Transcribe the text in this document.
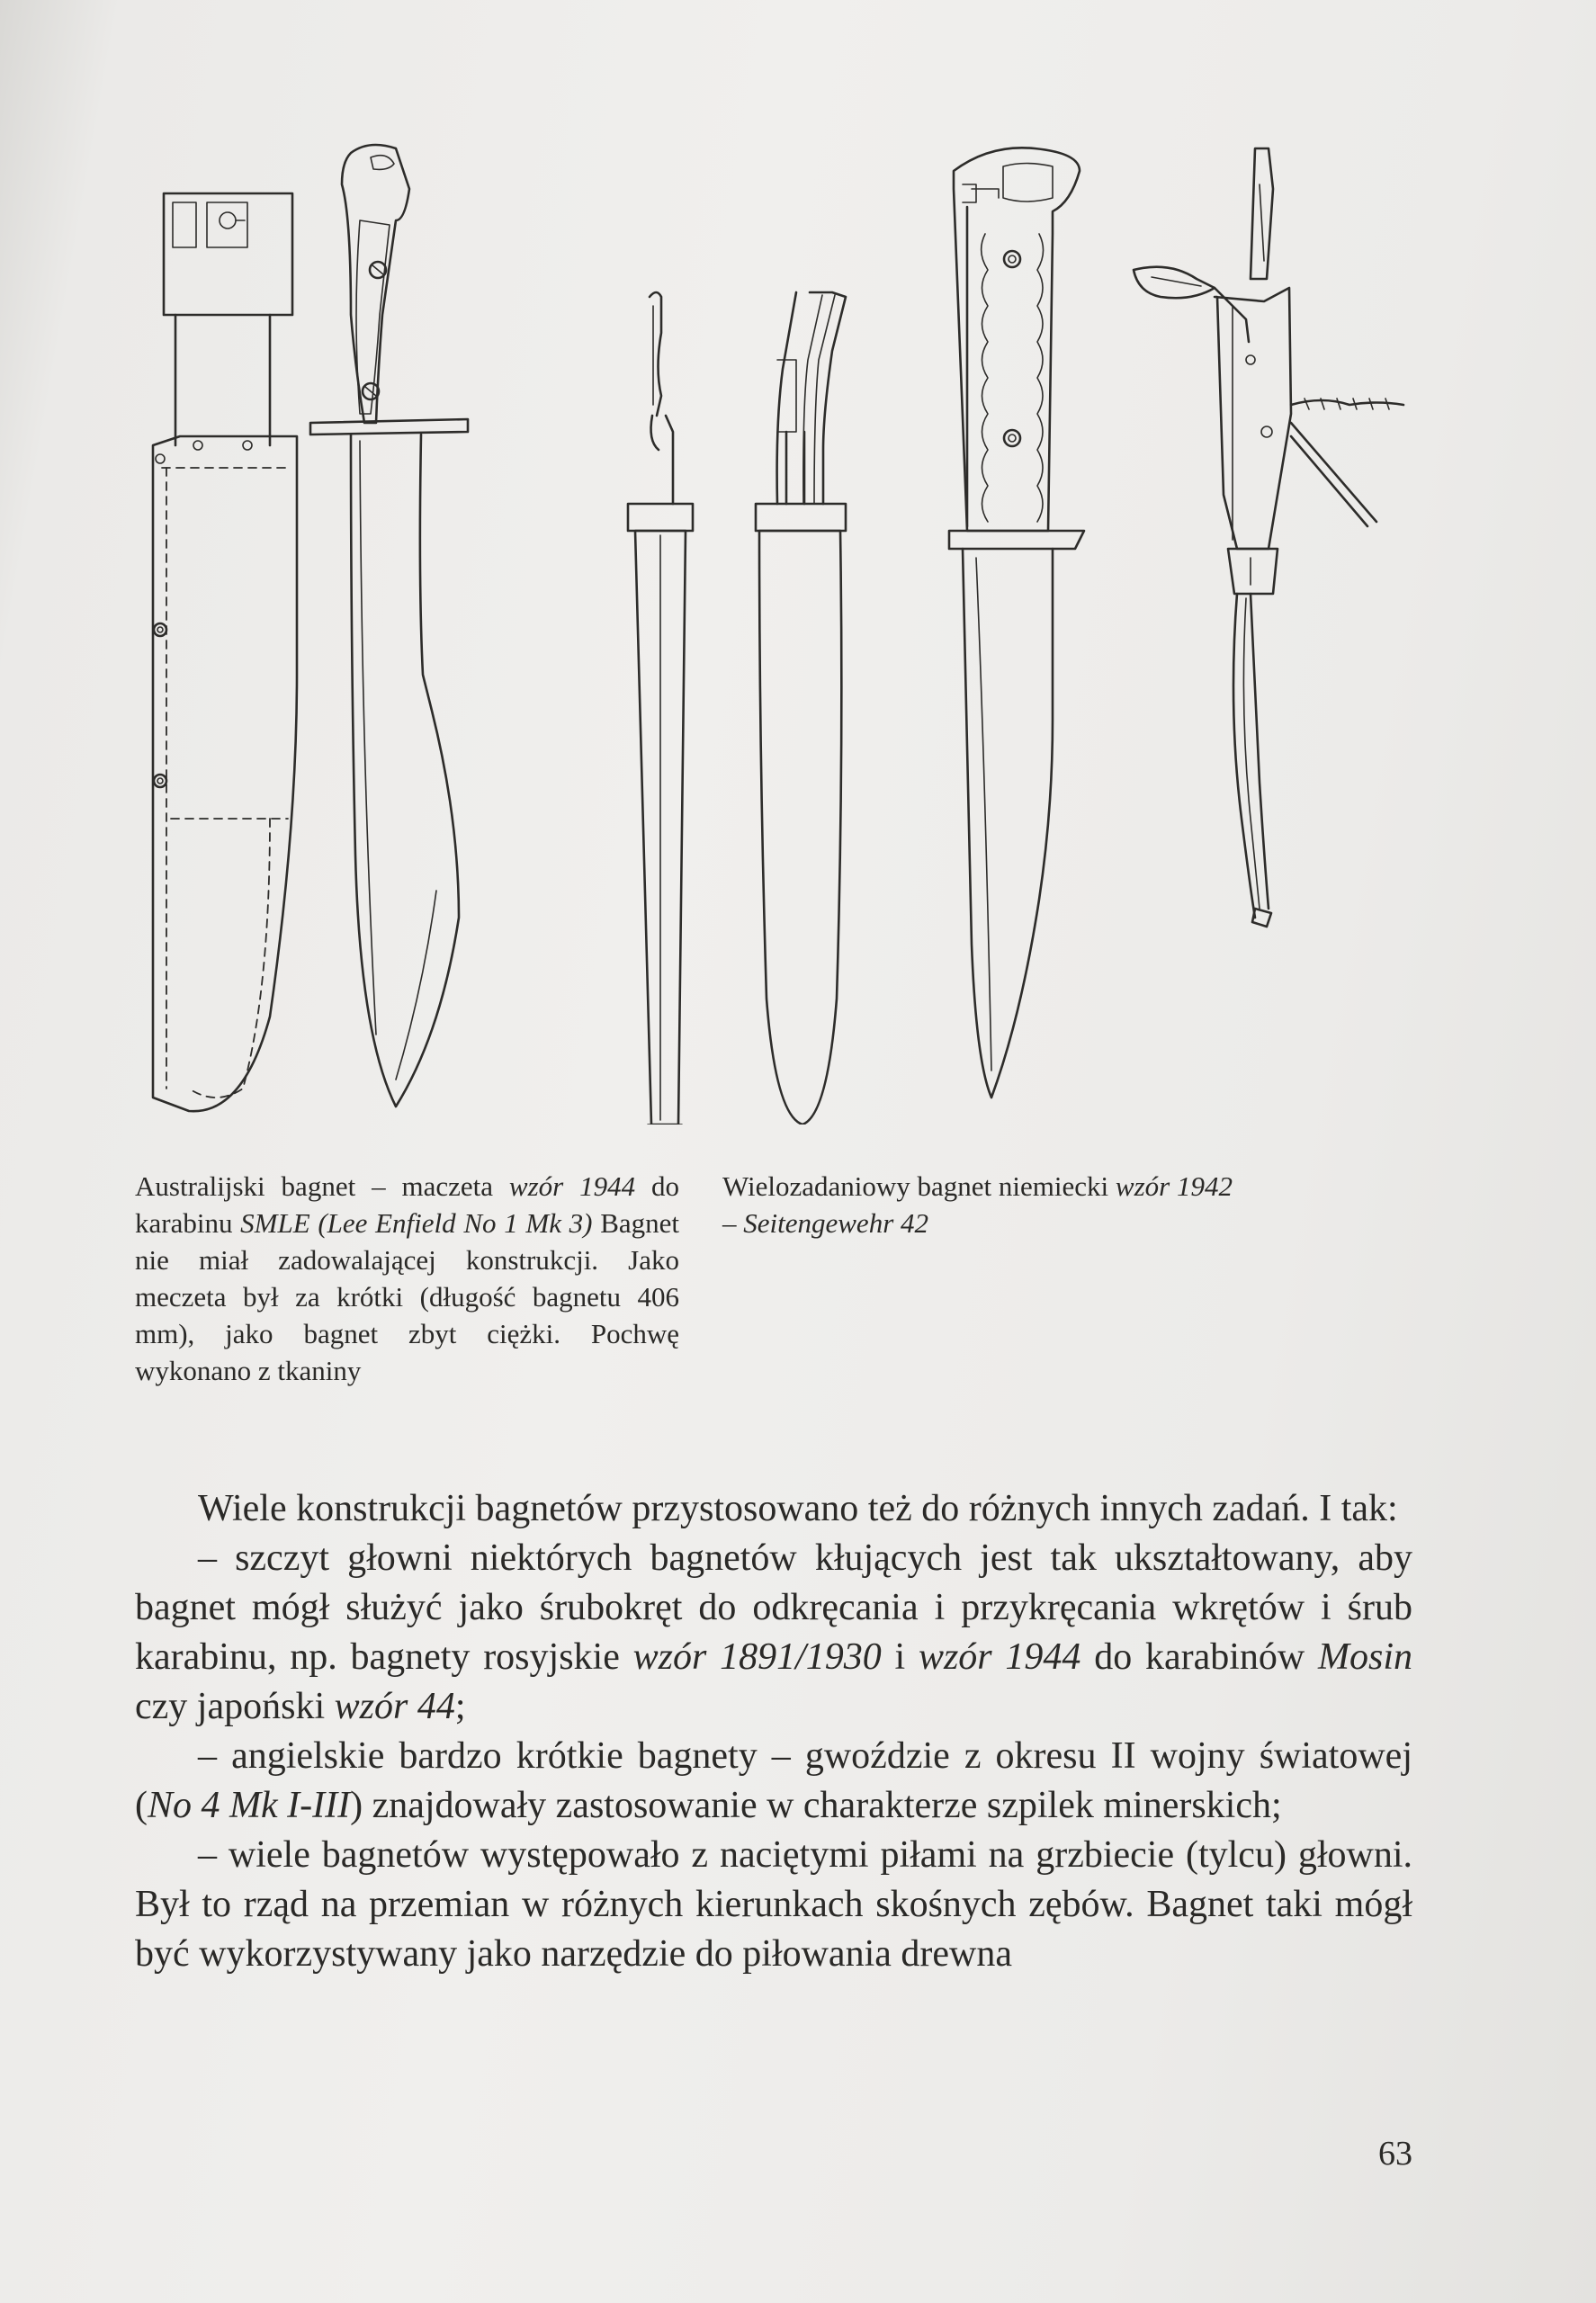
Australijski bagnet – maczeta wzór 1944 do karabinu SMLE (Lee Enfield No 1 Mk 3) Bagnet nie miał zadowalającej konstrukcji. Jako meczeta był za krótki (długość bagnetu 406 mm), jako bagnet zbyt ciężki. Pochwę wykonano z tkaniny
Wielozadaniowy bagnet niemiecki wzór 1942
– Seitengewehr 42

Wiele konstrukcji bagnetów przystosowano też do różnych innych zadań. I tak:

– szczyt głowni niektórych bagnetów kłujących jest tak ukształtowany, aby bagnet mógł służyć jako śrubokręt do odkręcania i przykręcania wkrętów i śrub karabinu, np. bagnety rosyjskie wzór 1891/1930 i wzór 1944 do karabinów Mosin czy japoński wzór 44;

– angielskie bardzo krótkie bagnety – gwoździe z okresu II wojny światowej (No 4 Mk I-III) znajdowały zastosowanie w charakterze szpilek minerskich;

– wiele bagnetów występowało z naciętymi piłami na grzbiecie (tylcu) głowni. Był to rząd na przemian w różnych kierunkach skośnych zębów. Bagnet taki mógł być wykorzystywany jako narzędzie do piłowania drewna

63
